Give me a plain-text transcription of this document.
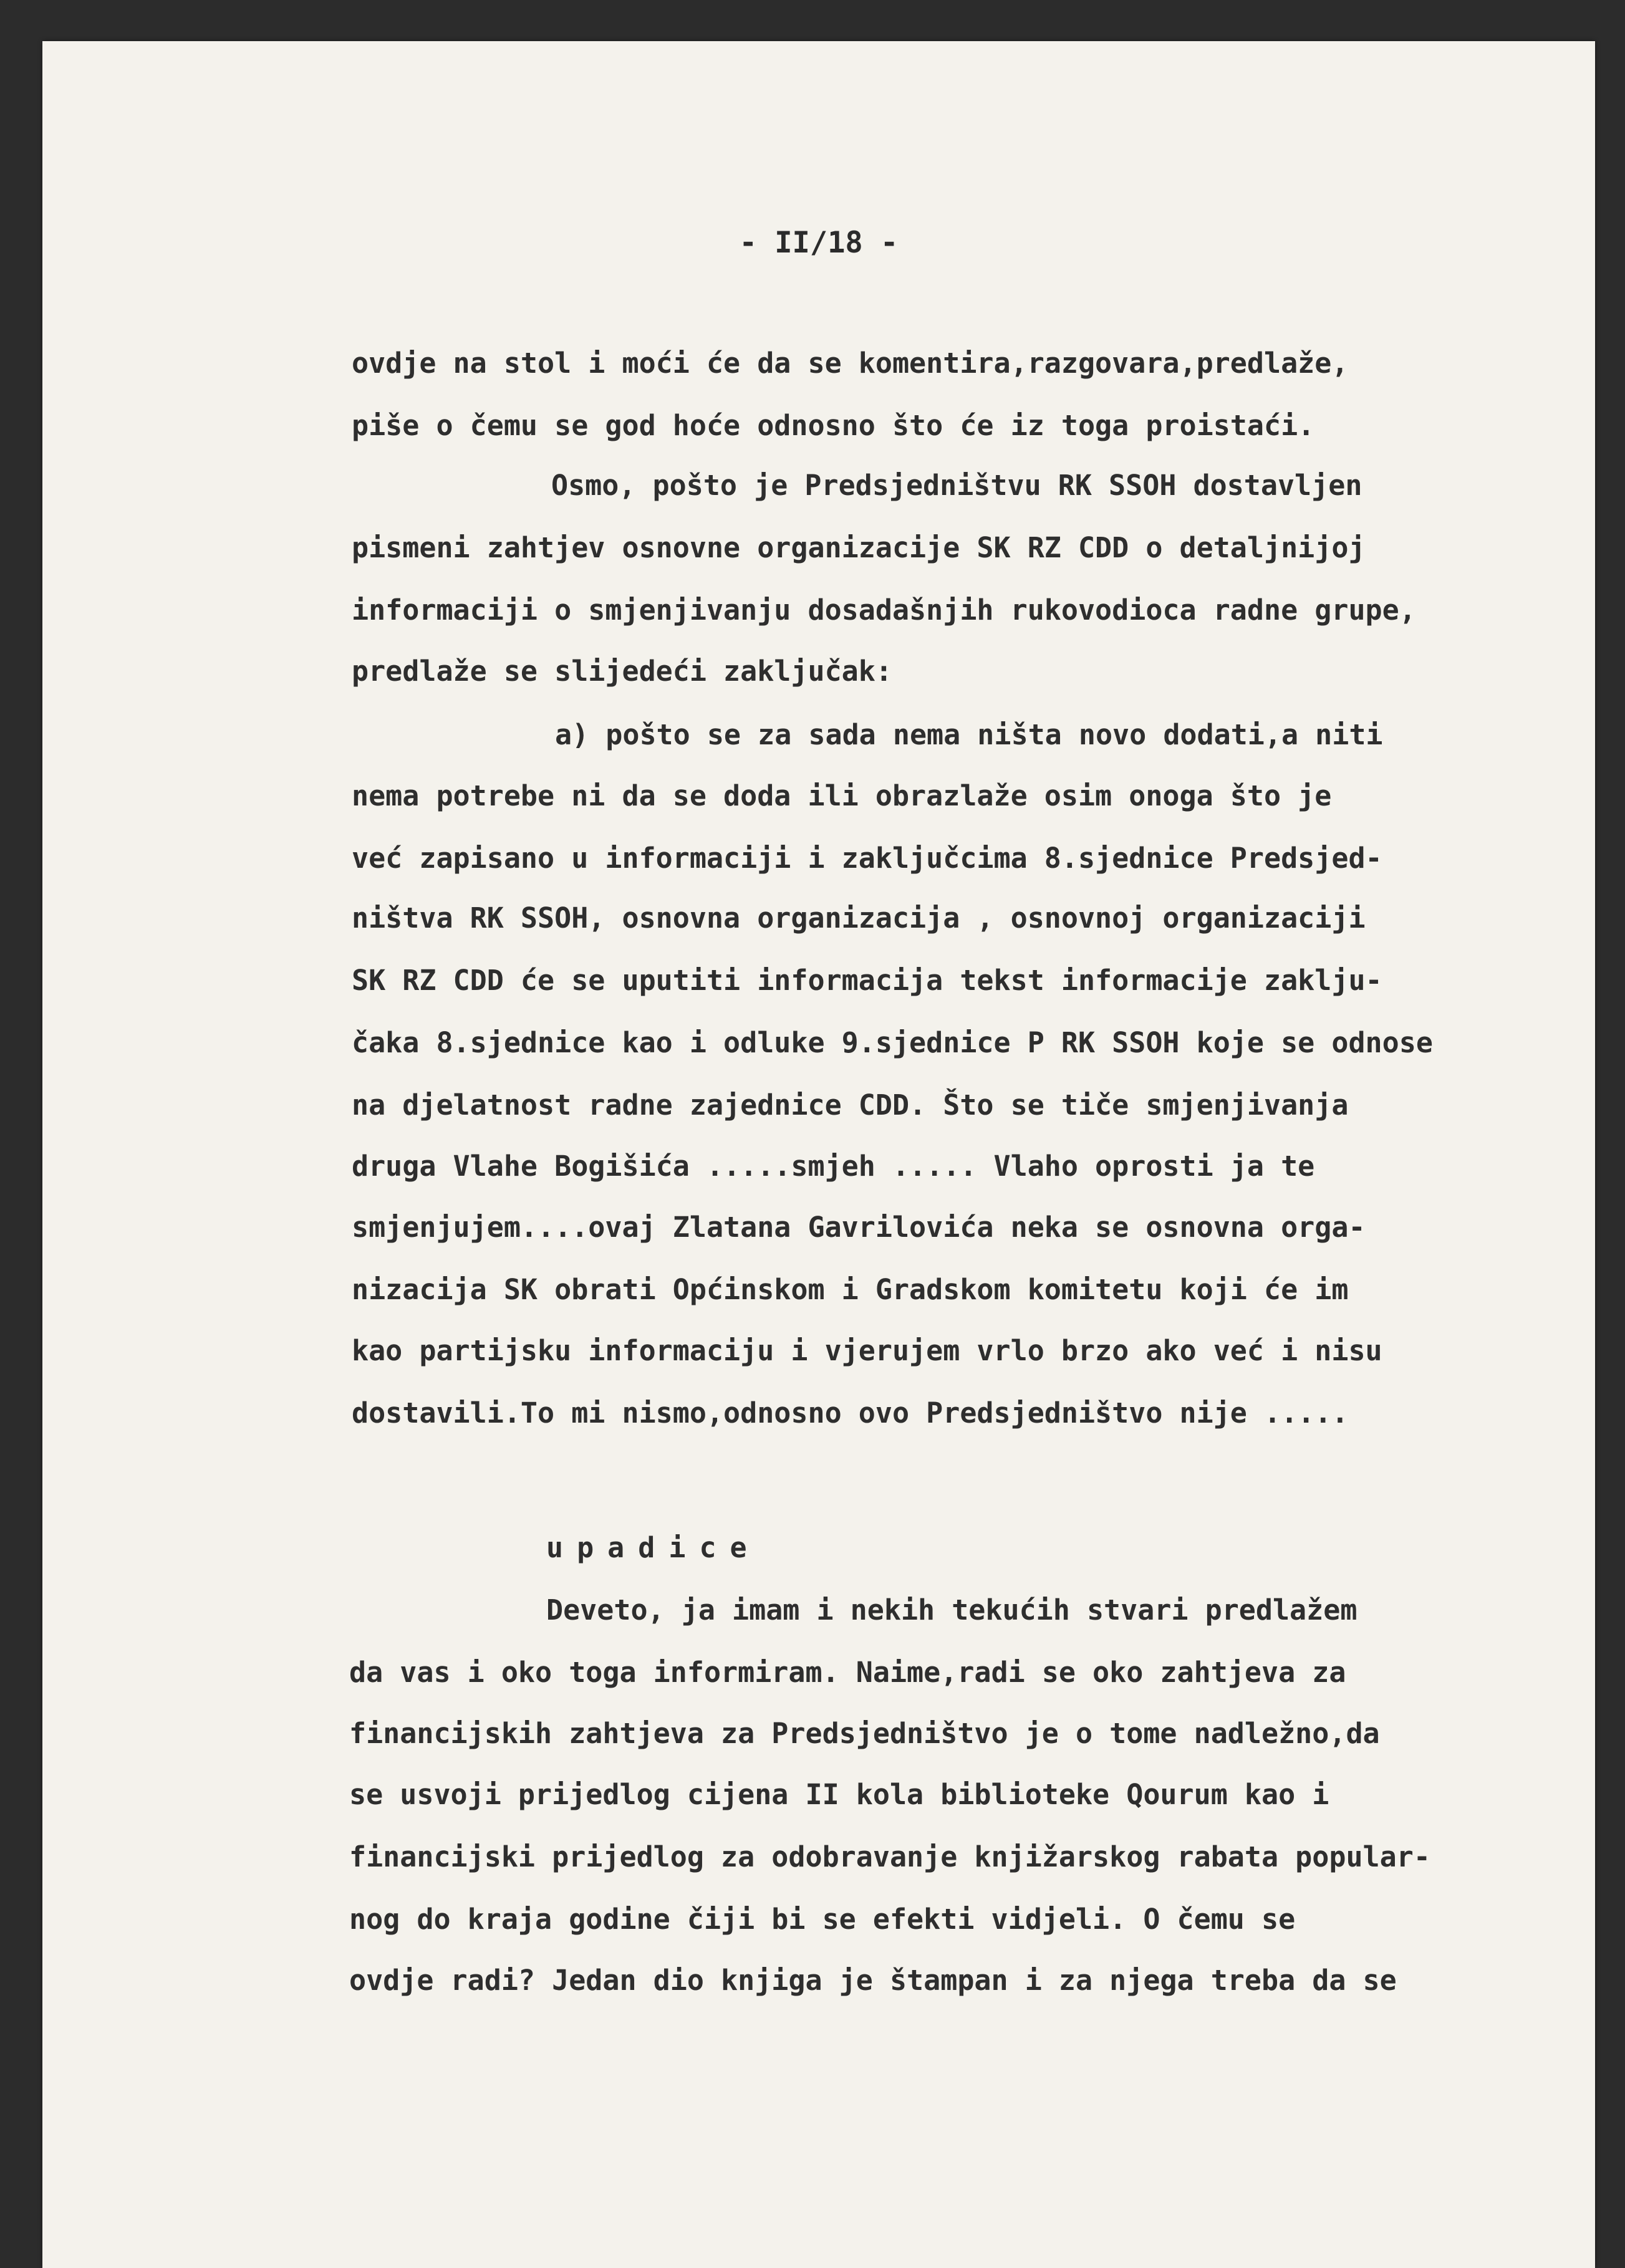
- II/18 -
ovdje na stol i moći će da se komentira,razgovara,predlaže,
piše o čemu se god hoće odnosno što će iz toga proistaći.
Osmo, pošto je Predsjedništvu RK SSOH dostavljen
pismeni zahtjev osnovne organizacije SK RZ CDD o detaljnijoj
informaciji o smjenjivanju dosadašnjih rukovodioca radne grupe,
predlaže se slijedeći zaključak:
a) pošto se za sada nema ništa novo dodati,a niti
nema potrebe ni da se doda ili obrazlaže osim onoga što je
već zapisano u informaciji i zaključcima 8.sjednice Predsjed-
ništva RK SSOH, osnovna organizacija , osnovnoj organizaciji
SK RZ CDD će se uputiti informacija tekst informacije zaklju-
čaka 8.sjednice kao i odluke 9.sjednice P RK SSOH koje se odnose
na djelatnost radne zajednice CDD. Što se tiče smjenjivanja
druga Vlahe Bogišića .....smjeh ..... Vlaho oprosti ja te
smjenjujem....ovaj Zlatana Gavrilovića neka se osnovna orga-
nizacija SK obrati Općinskom i Gradskom komitetu koji će im
kao partijsku informaciju i vjerujem vrlo brzo ako već i nisu
dostavili.To mi nismo,odnosno ovo Predsjedništvo nije .....
upadice
Deveto, ja imam i nekih tekućih stvari predlažem
da vas i oko toga informiram. Naime,radi se oko zahtjeva za
financijskih zahtjeva za Predsjedništvo je o tome nadležno,da
se usvoji prijedlog cijena II kola biblioteke Qourum kao i
financijski prijedlog za odobravanje knjižarskog rabata popular-
nog do kraja godine čiji bi se efekti vidjeli. O čemu se
ovdje radi? Jedan dio knjiga je štampan i za njega treba da se
